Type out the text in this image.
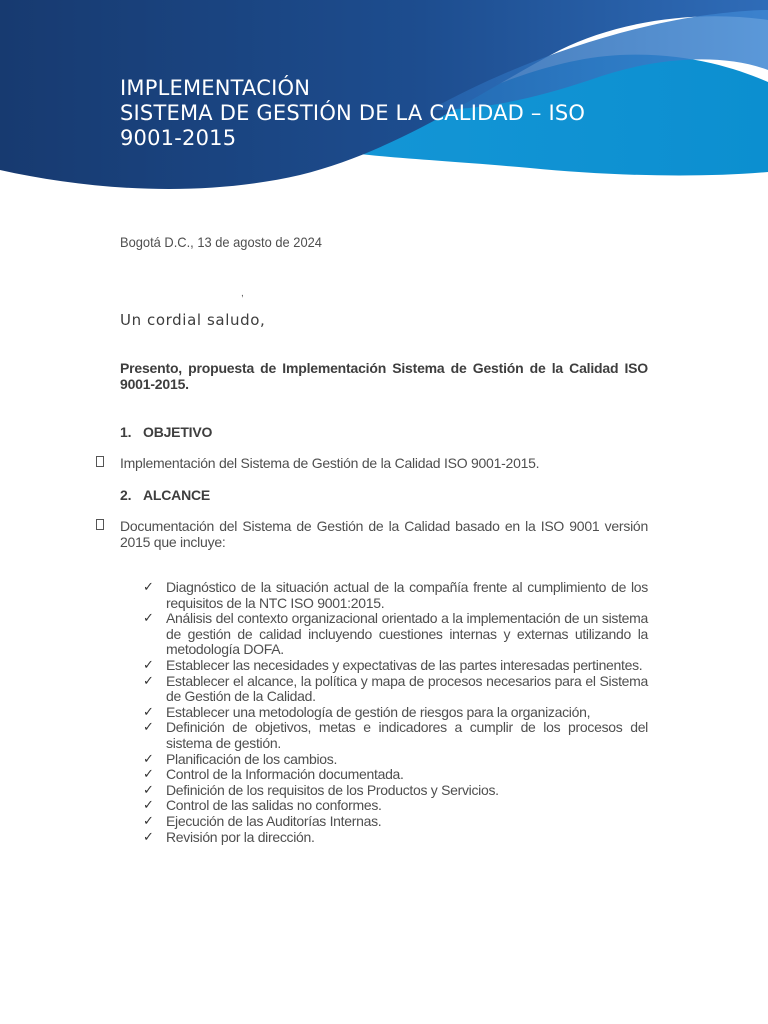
IMPLEMENTACIÓN
SISTEMA DE GESTIÓN DE LA CALIDAD – ISO
9001-2015
Bogotá D.C., 13 de agosto de 2024
,
Un cordial saludo,
Presento, propuesta de Implementación Sistema de Gestión de la Calidad ISO 9001-2015.
1. OBJETIVO
Implementación del Sistema de Gestión de la Calidad ISO 9001-2015.
2. ALCANCE
Documentación del Sistema de Gestión de la Calidad basado en la ISO 9001 versión 2015 que incluye:
✓ Diagnóstico de la situación actual de la compañía frente al cumplimiento de los requisitos de la NTC ISO 9001:2015.
✓ Análisis del contexto organizacional orientado a la implementación de un sistema de gestión de calidad incluyendo cuestiones internas y externas utilizando la metodología DOFA.
✓ Establecer las necesidades y expectativas de las partes interesadas pertinentes.
✓ Establecer el alcance, la política y mapa de procesos necesarios para el Sistema de Gestión de la Calidad.
✓ Establecer una metodología de gestión de riesgos para la organización,
✓ Definición de objetivos, metas e indicadores a cumplir de los procesos del sistema de gestión.
✓ Planificación de los cambios.
✓ Control de la Información documentada.
✓ Definición de los requisitos de los Productos y Servicios.
✓ Control de las salidas no conformes.
✓ Ejecución de las Auditorías Internas.
✓ Revisión por la dirección.
